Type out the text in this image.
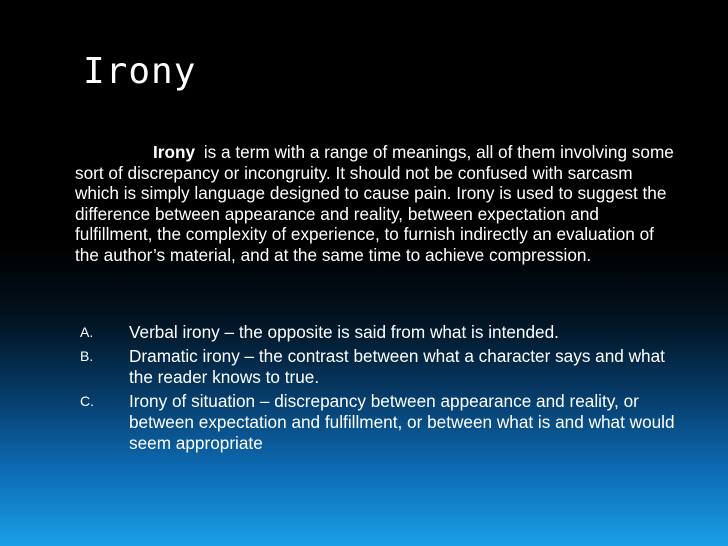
Irony

Irony is a term with a range of meanings, all of them involving some sort of discrepancy or incongruity. It should not be confused with sarcasm which is simply language designed to cause pain. Irony is used to suggest the difference between appearance and reality, between expectation and fulfillment, the complexity of experience, to furnish indirectly an evaluation of the author’s material, and at the same time to achieve compression.

A. Verbal irony – the opposite is said from what is intended.
B. Dramatic irony – the contrast between what a character says and what the reader knows to true.
C. Irony of situation – discrepancy between appearance and reality, or between expectation and fulfillment, or between what is and what would seem appropriate
